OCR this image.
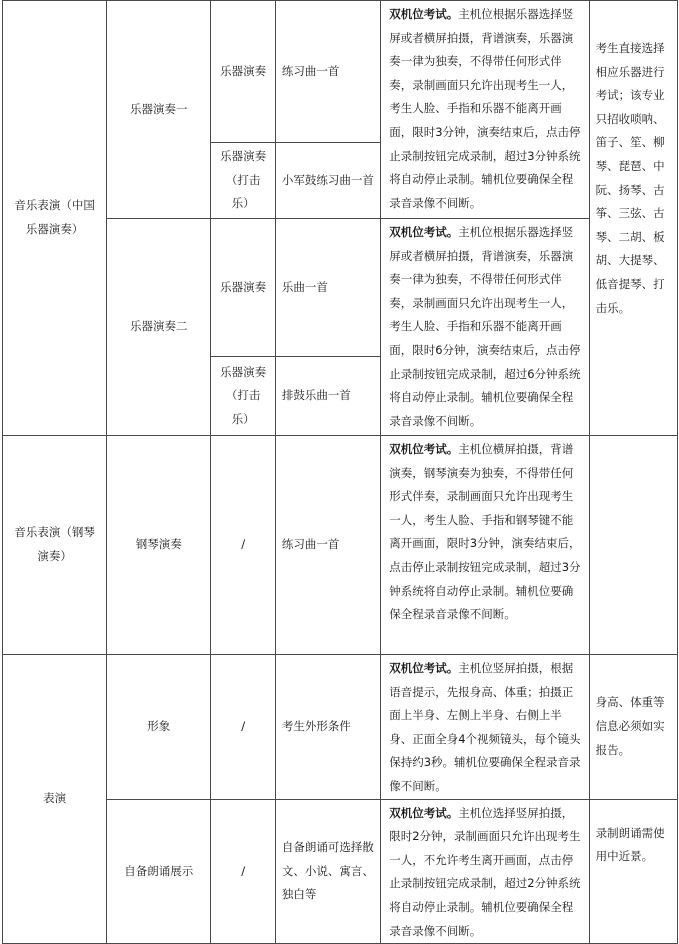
音乐表演（中国乐器演奏）	乐器演奏一	乐器演奏	练习曲一首	双机位考试。主机位根据乐器选择竖屏或者横屏拍摄，背谱演奏，乐器演奏一律为独奏，不得带任何形式伴奏，录制画面只允许出现考生一人，考生人脸、手指和乐器不能离开画面，限时3分钟，演奏结束后，点击停止录制按钮完成录制，超过3分钟系统将自动停止录制。辅机位要确保全程录音录像不间断。	考生直接选择相应乐器进行考试；该专业只招收唢呐、笛子、笙、柳琴、琵琶、中阮、扬琴、古筝、三弦、古琴、二胡、板胡、大提琴、低音提琴、打击乐。
		乐器演奏（打击乐）	小军鼓练习曲一首		
	乐器演奏二	乐器演奏	乐曲一首	双机位考试。主机位根据乐器选择竖屏或者横屏拍摄，背谱演奏，乐器演奏一律为独奏，不得带任何形式伴奏，录制画面只允许出现考生一人，考生人脸、手指和乐器不能离开画面，限时6分钟，演奏结束后，点击停止录制按钮完成录制，超过6分钟系统将自动停止录制。辅机位要确保全程录音录像不间断。	
		乐器演奏（打击乐）	排鼓乐曲一首		
音乐表演（钢琴演奏）	钢琴演奏	/	练习曲一首	双机位考试。主机位横屏拍摄，背谱演奏，钢琴演奏为独奏，不得带任何形式伴奏，录制画面只允许出现考生一人，考生人脸、手指和钢琴键不能离开画面，限时3分钟，演奏结束后，点击停止录制按钮完成录制，超过3分钟系统将自动停止录制。辅机位要确保全程录音录像不间断。	
表演	形象	/	考生外形条件	双机位考试。主机位竖屏拍摄，根据语音提示，先报身高、体重；拍摄正面上半身、左侧上半身、右侧上半身、正面全身4个视频镜头，每个镜头保持约3秒。辅机位要确保全程录音录像不间断。	身高、体重等信息必须如实报告。
	自备朗诵展示	/	自备朗诵可选择散文、小说、寓言、独白等	双机位考试。主机位选择竖屏拍摄，限时2分钟，录制画面只允许出现考生一人，不允许考生离开画面，点击停止录制按钮完成录制，超过2分钟系统将自动停止录制。辅机位要确保全程录音录像不间断。	录制朗诵需使用中近景。
